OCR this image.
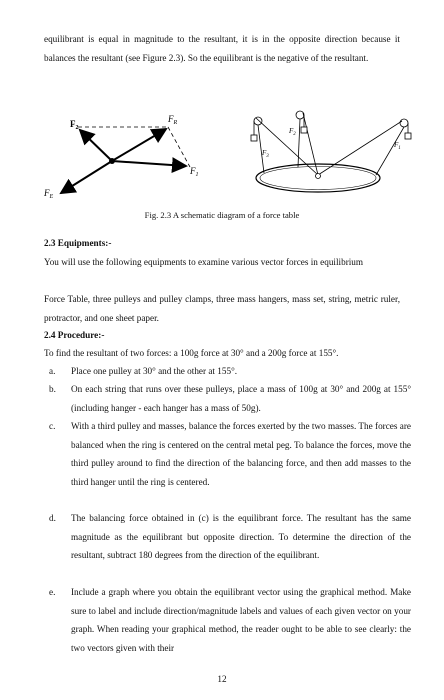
equilibrant is equal in magnitude to the resultant, it is in the opposite direction because it balances the resultant (see Figure 2.3). So the equilibrant is the negative of the resultant.

$F_2$
$F_R$
$F_1$
$F_E$
$F_2$
$F_3$
$F_1$
Fig. 2.3 A schematic diagram of a force table

2.3 Equipments:-

You will use the following equipments to examine various vector forces in equilibrium

Force Table, three pulleys and pulley clamps, three mass hangers, mass set, string, metric ruler, protractor, and one sheet paper.

2.4 Procedure:-

To find the resultant of two forces: a 100g force at 30° and a 200g force at 155°.

a. Place one pulley at 30° and the other at 155°.

b. On each string that runs over these pulleys, place a mass of 100g at 30° and 200g at 155° (including hanger - each hanger has a mass of 50g).

c. With a third pulley and masses, balance the forces exerted by the two masses. The forces are balanced when the ring is centered on the central metal peg. To balance the forces, move the third pulley around to find the direction of the balancing force, and then add masses to the third hanger until the ring is centered.

d. The balancing force obtained in (c) is the equilibrant force. The resultant has the same magnitude as the equilibrant but opposite direction. To determine the direction of the resultant, subtract 180 degrees from the direction of the equilibrant.

e. Include a graph where you obtain the equilibrant vector using the graphical method. Make sure to label and include direction/magnitude labels and values of each given vector on your graph. When reading your graphical method, the reader ought to be able to see clearly: the two vectors given with their

12
